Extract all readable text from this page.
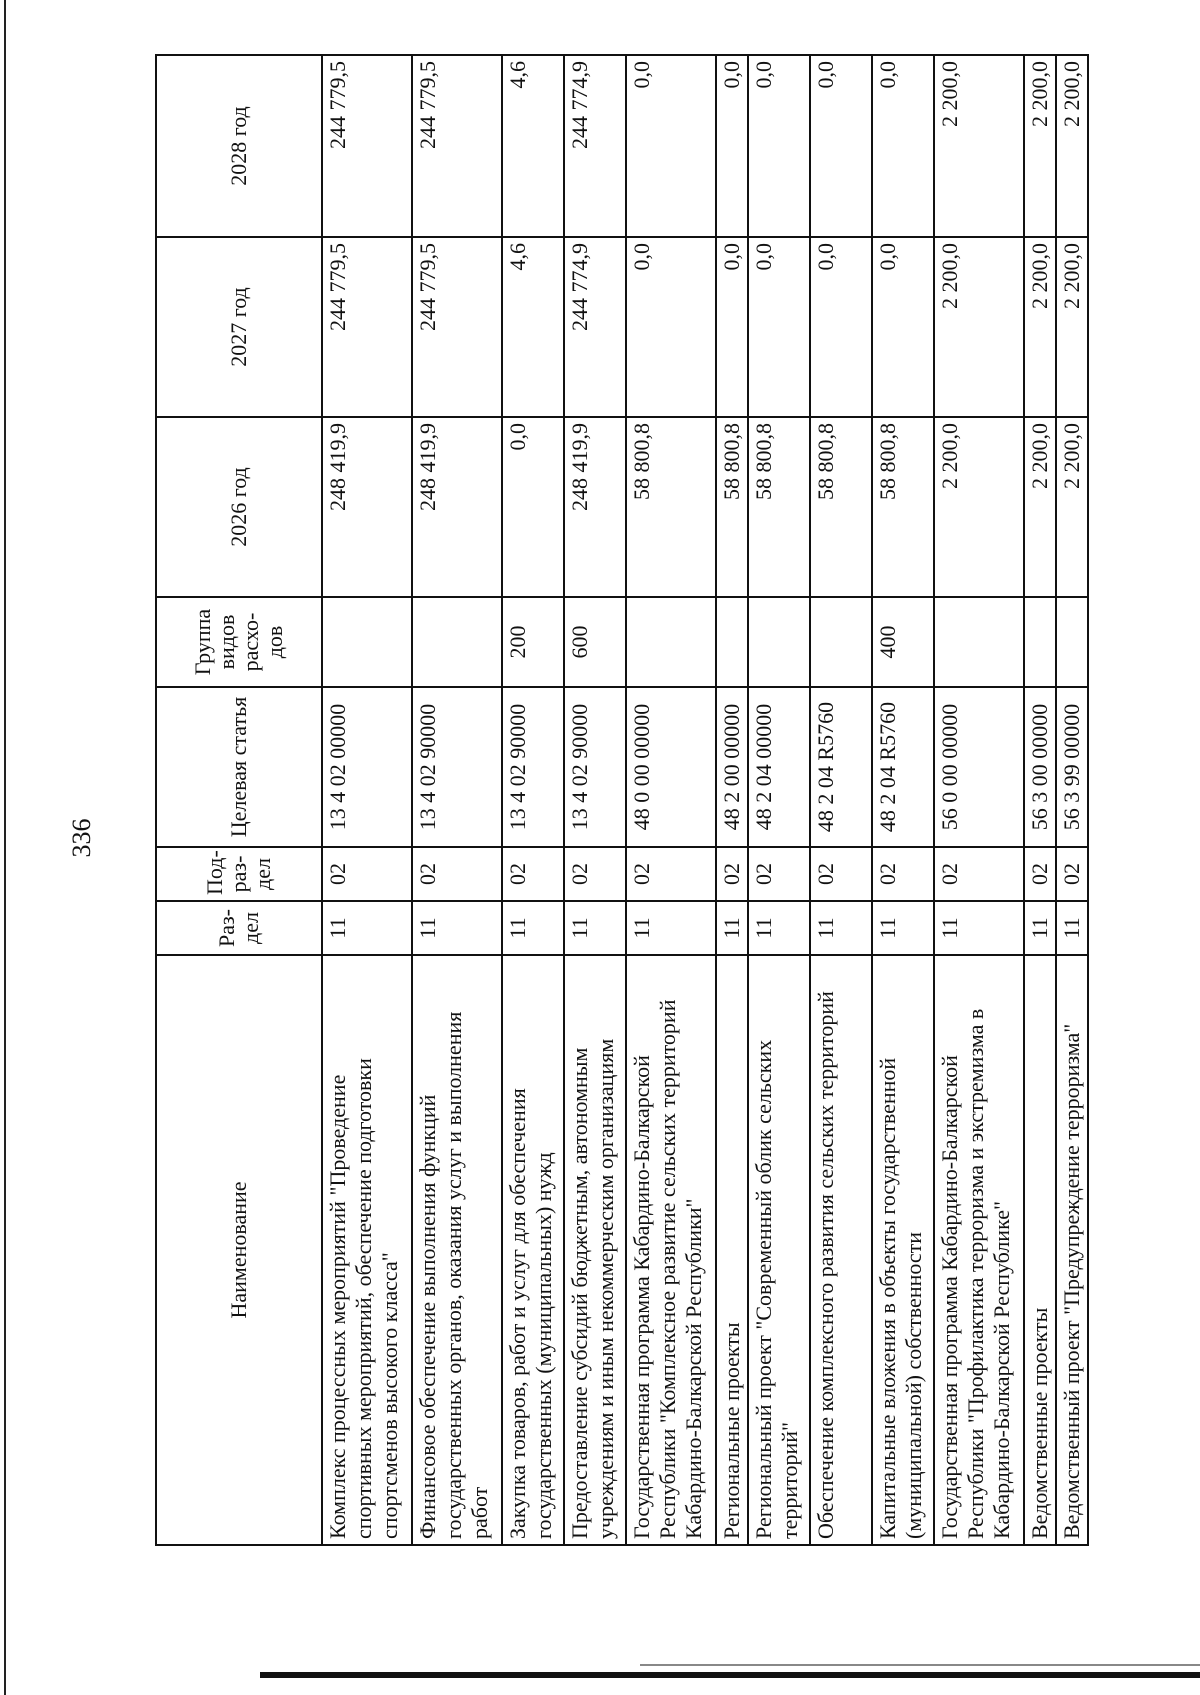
336
Наименование	Раз-дел	Под-раз-дел	Целевая статья	Группа видов расхо-дов	2026 год	2027 год	2028 год
Комплекс процессных мероприятий "Проведение спортивных мероприятий, обеспечение подготовки спортсменов высокого класса"	11	02	13 4 02 00000		248 419,9	244 779,5	244 779,5
Финансовое обеспечение выполнения функций государственных органов, оказания услуг и выполнения работ	11	02	13 4 02 90000		248 419,9	244 779,5	244 779,5
Закупка товаров, работ и услуг для обеспечения государственных (муниципальных) нужд	11	02	13 4 02 90000	200	0,0	4,6	4,6
Предоставление субсидий бюджетным, автономным учреждениям и иным некоммерческим организациям	11	02	13 4 02 90000	600	248 419,9	244 774,9	244 774,9
Государственная программа Кабардино-Балкарской Республики "Комплексное развитие сельских территорий Кабардино-Балкарской Республики"	11	02	48 0 00 00000		58 800,8	0,0	0,0
Региональные проекты	11	02	48 2 00 00000		58 800,8	0,0	0,0
Региональный проект "Современный облик сельских территорий"	11	02	48 2 04 00000		58 800,8	0,0	0,0
Обеспечение комплексного развития сельских территорий	11	02	48 2 04 R5760		58 800,8	0,0	0,0
Капитальные вложения в объекты государственной (муниципальной) собственности	11	02	48 2 04 R5760	400	58 800,8	0,0	0,0
Государственная программа Кабардино-Балкарской Республики "Профилактика терроризма и экстремизма в Кабардино-Балкарской Республике"	11	02	56 0 00 00000		2 200,0	2 200,0	2 200,0
Ведомственные проекты	11	02	56 3 00 00000		2 200,0	2 200,0	2 200,0
Ведомственный проект "Предупреждение терроризма"	11	02	56 3 99 00000		2 200,0	2 200,0	2 200,0
